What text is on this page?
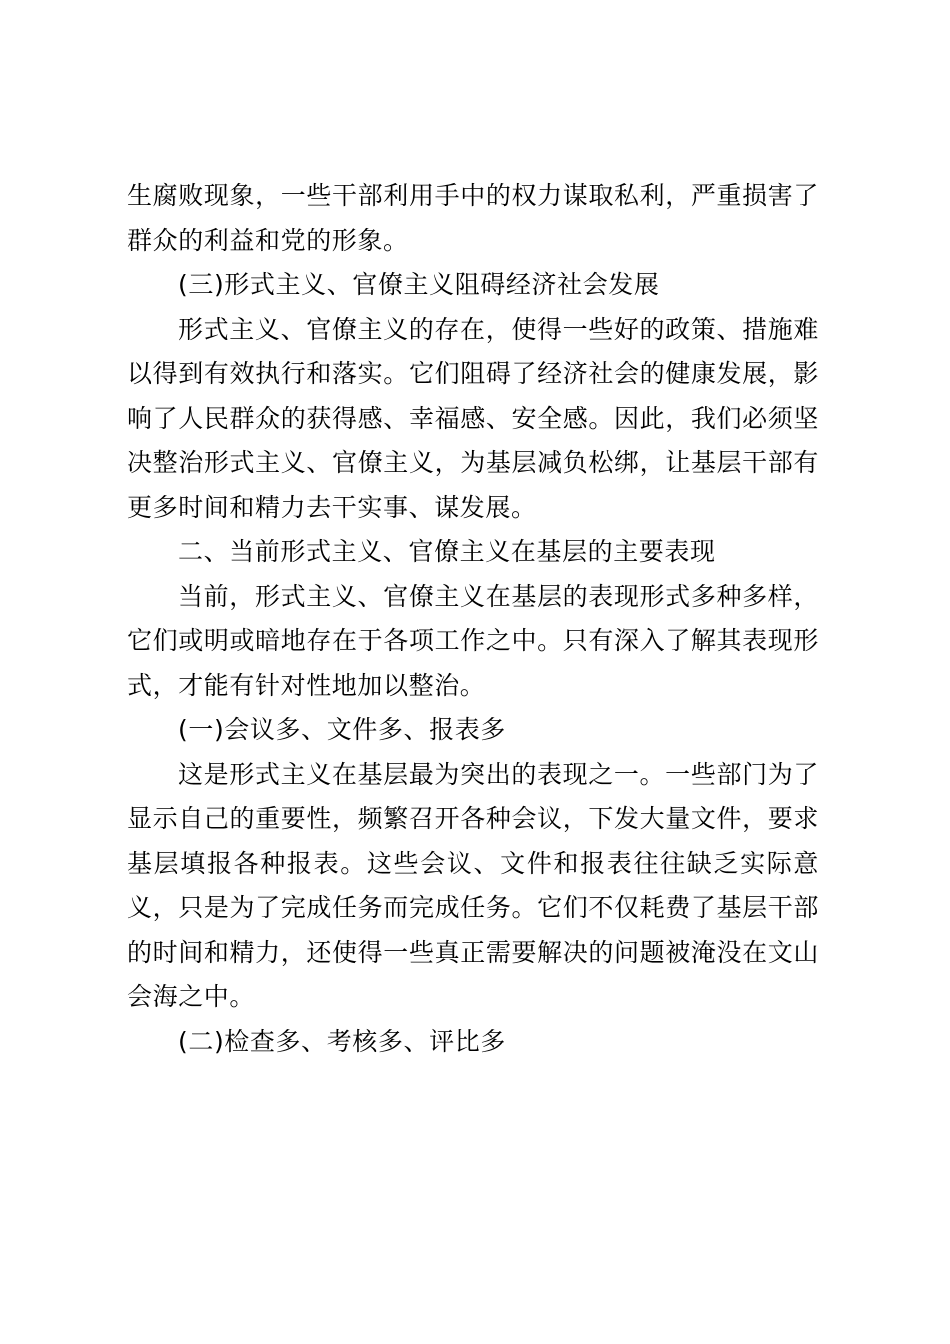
生腐败现象，一些干部利用手中的权力谋取私利，严重损害了群众的利益和党的形象。

(三)形式主义、官僚主义阻碍经济社会发展

形式主义、官僚主义的存在，使得一些好的政策、措施难以得到有效执行和落实。它们阻碍了经济社会的健康发展，影响了人民群众的获得感、幸福感、安全感。因此，我们必须坚决整治形式主义、官僚主义，为基层减负松绑，让基层干部有更多时间和精力去干实事、谋发展。

二、当前形式主义、官僚主义在基层的主要表现

当前，形式主义、官僚主义在基层的表现形式多种多样，它们或明或暗地存在于各项工作之中。只有深入了解其表现形式，才能有针对性地加以整治。

(一)会议多、文件多、报表多

这是形式主义在基层最为突出的表现之一。一些部门为了显示自己的重要性，频繁召开各种会议，下发大量文件，要求基层填报各种报表。这些会议、文件和报表往往缺乏实际意义，只是为了完成任务而完成任务。它们不仅耗费了基层干部的时间和精力，还使得一些真正需要解决的问题被淹没在文山会海之中。

(二)检查多、考核多、评比多
